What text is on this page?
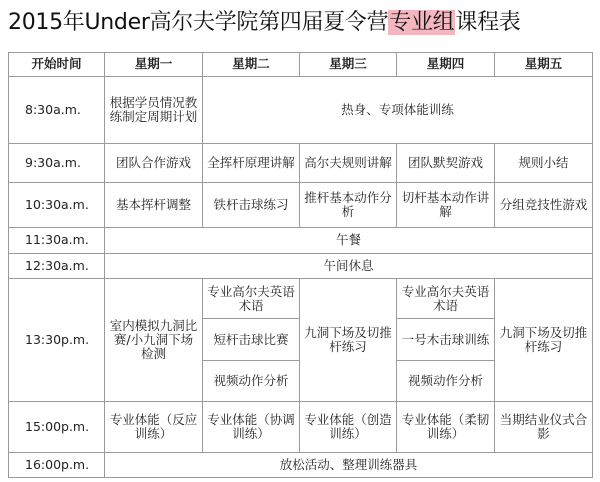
2015年Under高尔夫学院第四届夏令营专业组课程表
开始时间	星期一	星期二	星期三	星期四	星期五
8:30a.m.	根据学员情况教练制定周期计划	热身、专项体能训练			
9:30a.m.	团队合作游戏	全挥杆原理讲解	高尔夫规则讲解	团队默契游戏	规则小结
10:30a.m.	基本挥杆调整	铁杆击球练习	推杆基本动作分析	切杆基本动作讲解	分组竞技性游戏
11:30a.m.	午餐				
12:30a.m.	午间休息				
13:30p.m.	室内模拟九洞比赛/小九洞下场检测	专业高尔夫英语术语	九洞下场及切推杆练习	专业高尔夫英语术语	九洞下场及切推杆练习
		短杆击球比赛		一号木击球训练	
		视频动作分析		视频动作分析	
15:00p.m.	专业体能（反应训练）	专业体能（协调训练）	专业体能（创造训练）	专业体能（柔韧训练）	当期结业仪式合影
16:00p.m.	放松活动、整理训练器具				
